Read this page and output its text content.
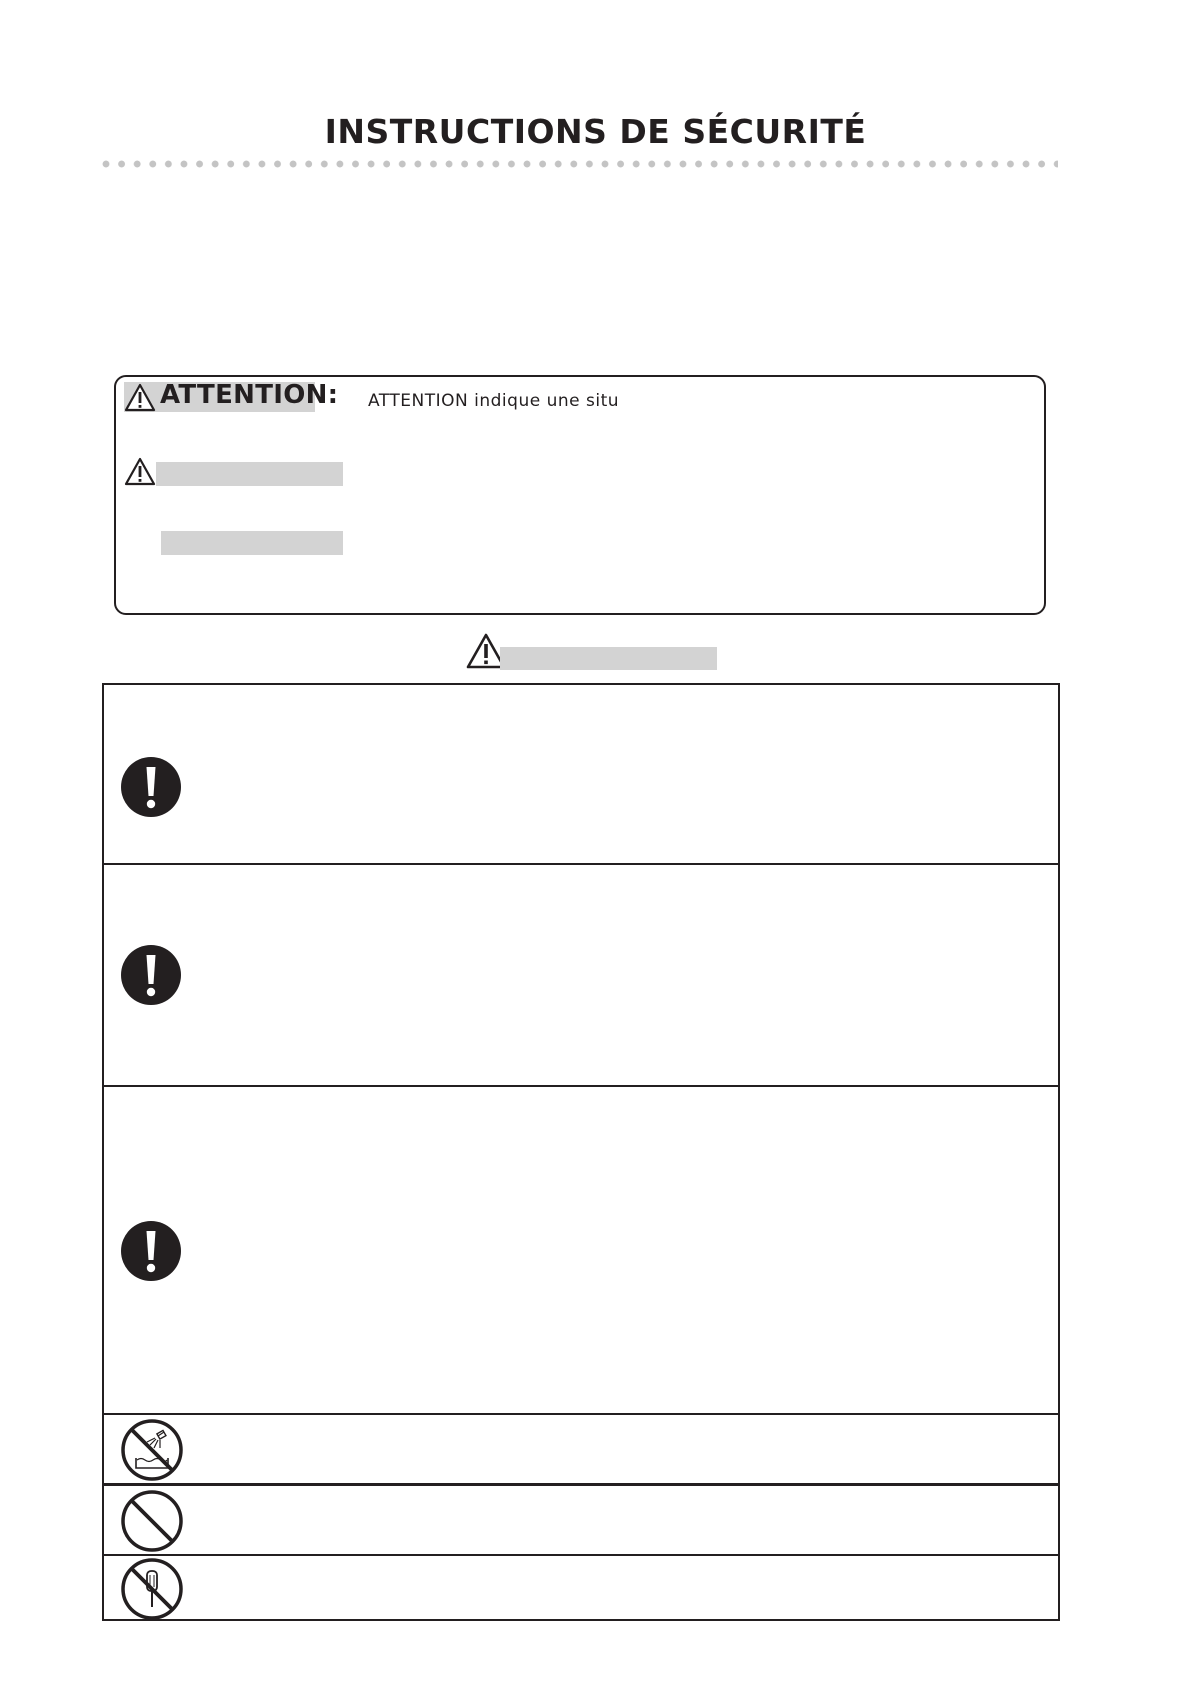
INSTRUCTIONS DE SÉCURITÉ
ATTENTION: ATTENTION indique une situ
